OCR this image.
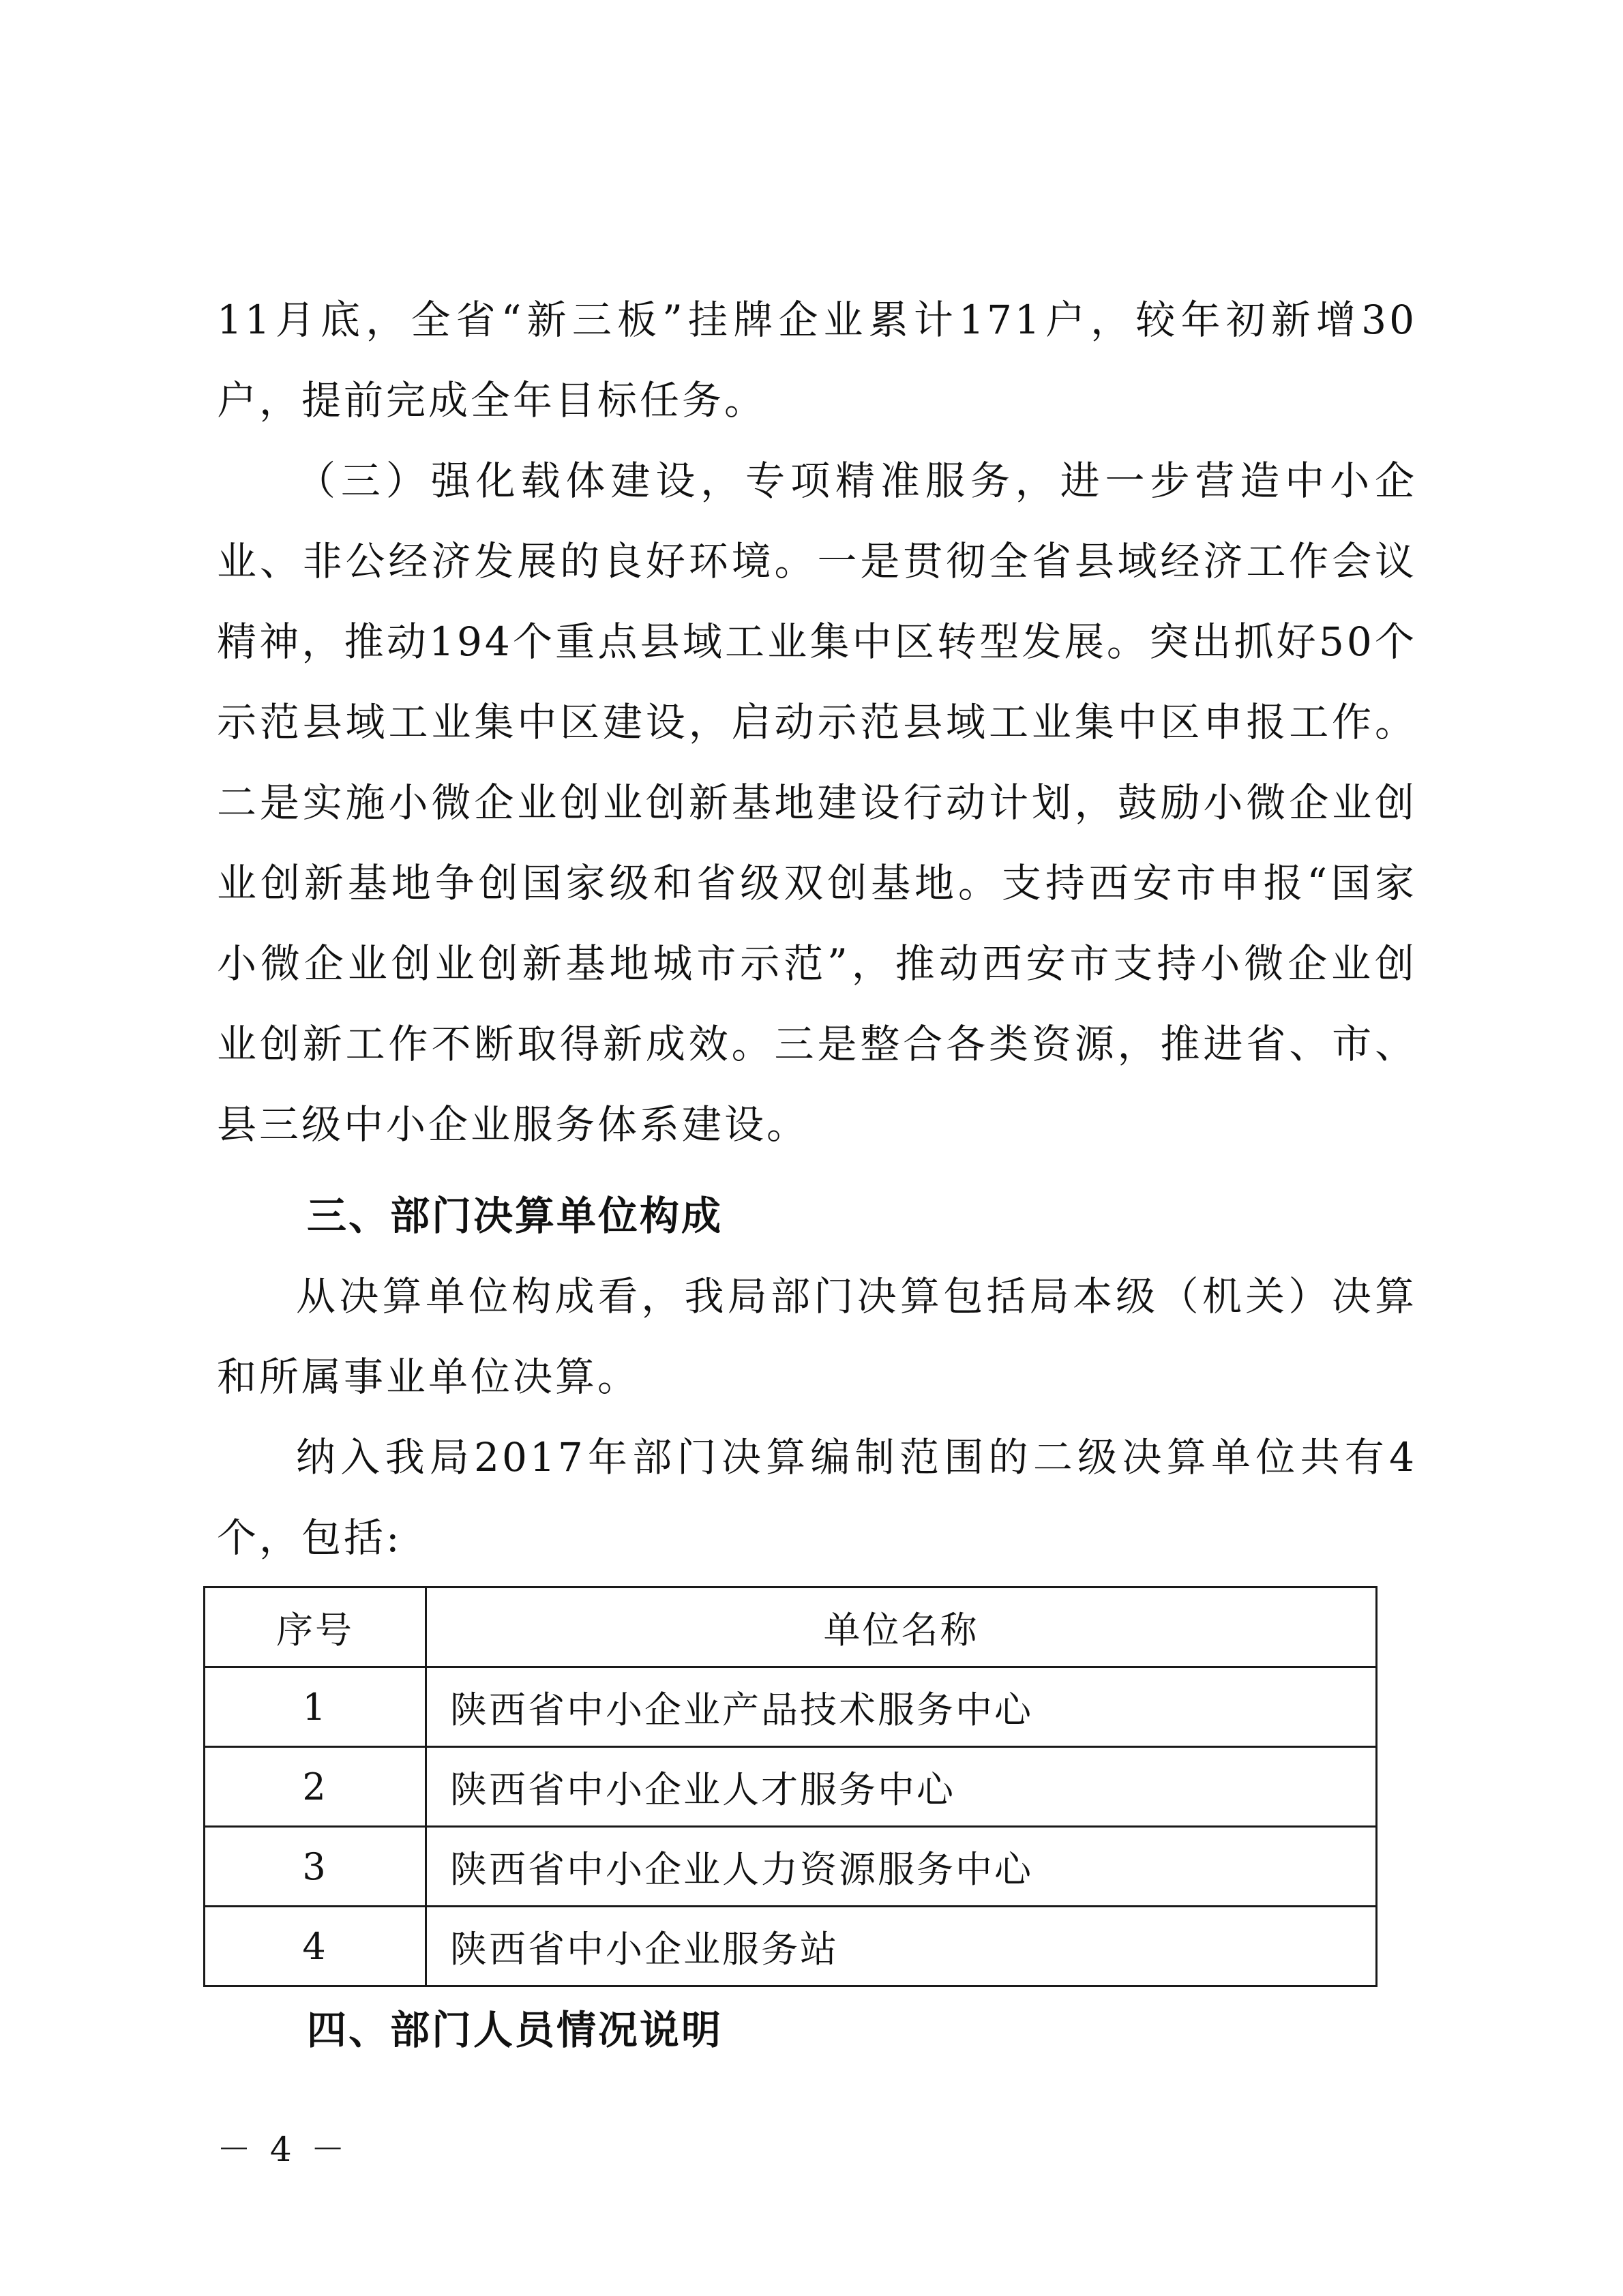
11月底，全省“新三板”挂牌企业累计171户，较年初新增30户，提前完成全年目标任务。

（三）强化载体建设，专项精准服务，进一步营造中小企业、非公经济发展的良好环境。一是贯彻全省县域经济工作会议精神，推动194个重点县域工业集中区转型发展。突出抓好50个示范县域工业集中区建设，启动示范县域工业集中区申报工作。二是实施小微企业创业创新基地建设行动计划，鼓励小微企业创业创新基地争创国家级和省级双创基地。支持西安市申报“国家小微企业创业创新基地城市示范”，推动西安市支持小微企业创业创新工作不断取得新成效。三是整合各类资源，推进省、市、县三级中小企业服务体系建设。

三、部门决算单位构成

从决算单位构成看，我局部门决算包括局本级（机关）决算和所属事业单位决算。

纳入我局2017年部门决算编制范围的二级决算单位共有4个，包括:

序号	单位名称
1	陕西省中小企业产品技术服务中心
2	陕西省中小企业人才服务中心
3	陕西省中小企业人力资源服务中心
4	陕西省中小企业服务站

四、部门人员情况说明

－ 4 －
